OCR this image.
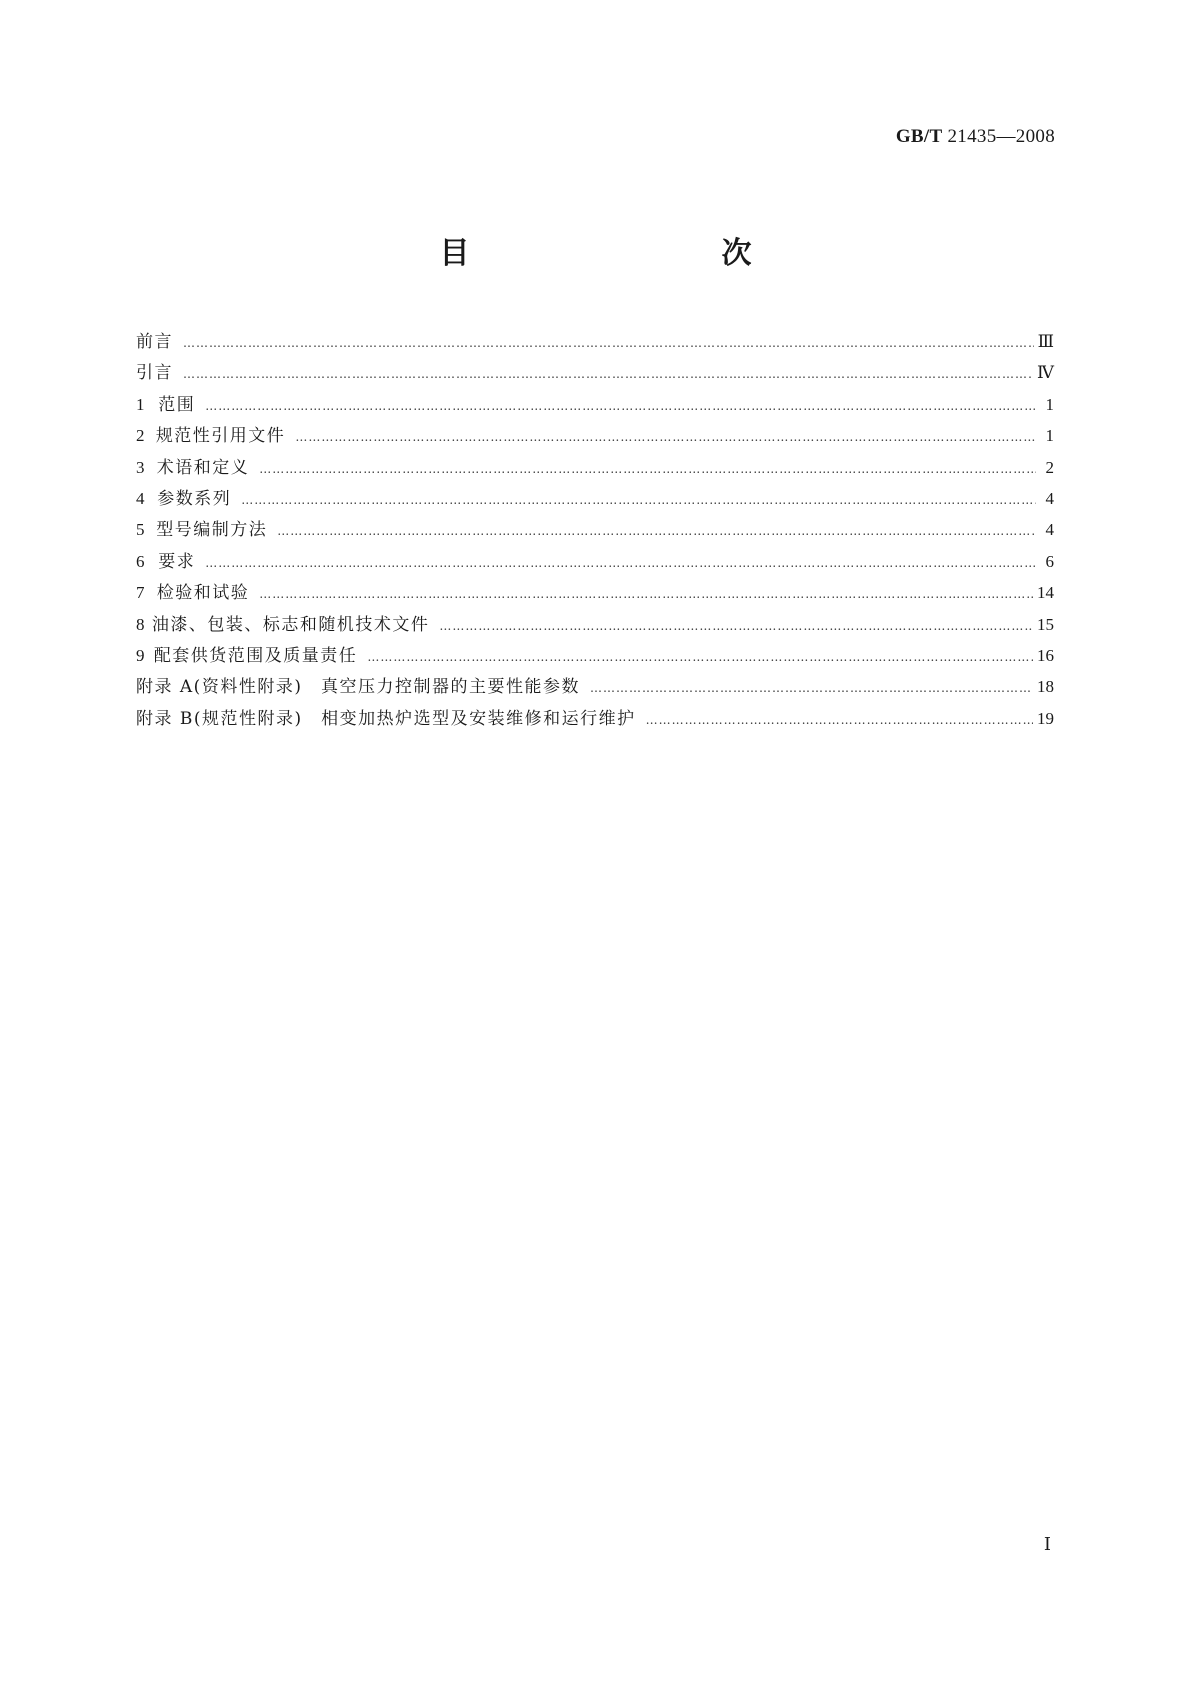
GB/T 21435—2008
目　　次
前言 ……………………………………………………………………………………………………………………………………………………………………………………………………………………………………………………	Ⅲ
引言 ……………………………………………………………………………………………………………………………………………………………………………………………………………………………………………………	Ⅳ
1 范围 ……………………………………………………………………………………………………………………………………………………………………………………………………………………………………………………	1
2 规范性引用文件 ……………………………………………………………………………………………………………………………………………………………………………………………………………………………………………………	1
3 术语和定义 ……………………………………………………………………………………………………………………………………………………………………………………………………………………………………………………	2
4 参数系列 ……………………………………………………………………………………………………………………………………………………………………………………………………………………………………………………	4
5 型号编制方法 ……………………………………………………………………………………………………………………………………………………………………………………………………………………………………………………	4
6 要求 ……………………………………………………………………………………………………………………………………………………………………………………………………………………………………………………	6
7 检验和试验 ……………………………………………………………………………………………………………………………………………………………………………………………………………………………………………………	14
8 油漆、包装、标志和随机技术文件 ……………………………………………………………………………………………………………………………………………………………………………………………………………………………………………………	15
9 配套供货范围及质量责任 ……………………………………………………………………………………………………………………………………………………………………………………………………………………………………………………	16
附录 A(资料性附录)　真空压力控制器的主要性能参数 ……………………………………………………………………………………………………………………………………………………………………………………………………………………………………………………	18
附录 B(规范性附录)　相变加热炉选型及安装维修和运行维护 ……………………………………………………………………………………………………………………………………………………………………………………………………………………………………………………	19
Ⅰ
